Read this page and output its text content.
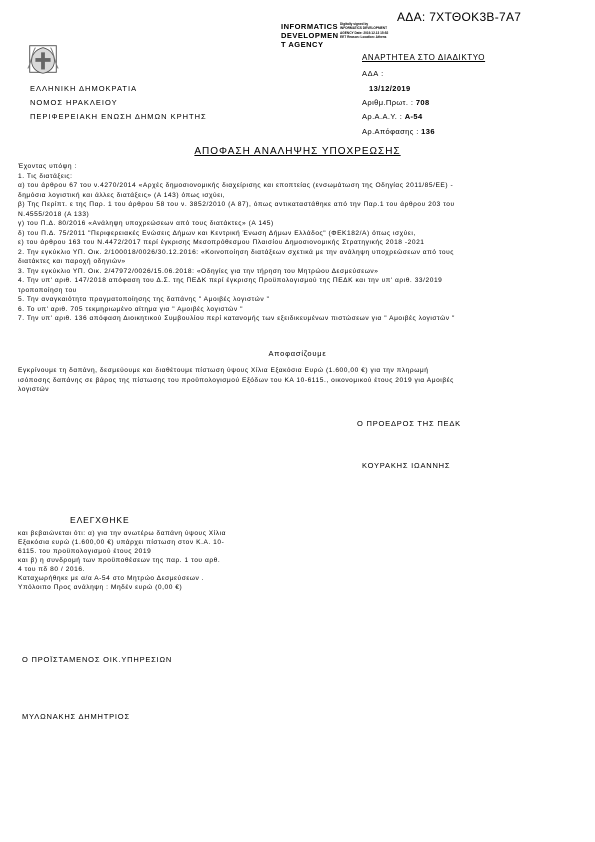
ΑΔΑ: 7ΧΤΘΟΚ3Β-7Α7
INFORMATICS
DEVELOPMEN
T AGENCY
Digitally signed by INFORMATICS DEVELOPMENT AGENCY Date: 2019.12.13 15:52 EET Reason: Location: Athens
ΑΝΑΡΤΗΤΕΑ ΣΤΟ ΔΙΑΔΙΚΤΥΟ
ΑΔΑ :
ΕΛΛΗΝΙΚΗ ΔΗΜΟΚΡΑΤΙΑ
ΝΟΜΟΣ ΗΡΑΚΛΕΙΟΥ
ΠΕΡΙΦΕΡΕΙΑΚΗ ΕΝΩΣΗ ΔΗΜΩΝ ΚΡΗΤΗΣ
13/12/2019
Αριθμ.Πρωτ. : 708
Αρ.Α.Α.Υ. : Α-54
Αρ.Απόφασης : 136
ΑΠΟΦΑΣΗ ΑΝΑΛΗΨΗΣ ΥΠΟΧΡΕΩΣΗΣ
Έχοντας υπόψη :
1. Τις διατάξεις:
α) του άρθρου 67 του ν.4270/2014 «Αρχές δημοσιονομικής διαχείρισης και εποπτείας (ενσωμάτωση της Οδηγίας 2011/85/ΕΕ) -
δημόσια λογιστική και άλλες διατάξεις» (Α 143) όπως ισχύει,
β) Της Περίπτ. ε της Παρ. 1 του άρθρου 58 του ν. 3852/2010 (Α 87), όπως αντικαταστάθηκε από την Παρ.1 του άρθρου 203 του
Ν.4555/2018 (Α 133)
γ) του Π.Δ. 80/2016 «Ανάληψη υποχρεώσεων από τους διατάκτες» (Α 145)
δ) του Π.Δ. 75/2011 "Περιφερειακές Ενώσεις Δήμων και Κεντρική Ένωση Δήμων Ελλάδος" (ΦΕΚ182/Α) όπως ισχύει,
ε) του άρθρου 163 του Ν.4472/2017 περί έγκρισης Μεσοπρόθεσμου Πλαισίου Δημοσιονομικής Στρατηγικής 2018 -2021
2. Την εγκύκλιο ΥΠ. Οικ. 2/100018/0026/30.12.2016: «Κοινοποίηση διατάξεων σχετικά με την ανάληψη υποχρεώσεων από τους
διατάκτες και παροχή οδηγιών»
3. Την εγκύκλιο ΥΠ. Οικ. 2/47972/0026/15.06.2018: «Οδηγίες για την τήρηση του Μητρώου Δεσμεύσεων»
4. Την υπ' αριθ. 147/2018 απόφαση του Δ.Σ. της ΠΕΔΚ περί έγκρισης Προϋπολογισμού της ΠΕΔΚ και την υπ' αριθ. 33/2019
τροποποίηση του
5. Την αναγκαιότητα πραγματοποίησης της δαπάνης " Αμοιβές λογιστών "
6. Το υπ' αριθ. 705 τεκμηριωμένο αίτημα για " Αμοιβές λογιστών "
7. Την υπ' αριθ. 136 απόφαση Διοικητικού Συμβουλίου περί κατανομής των εξειδικευμένων πιστώσεων για " Αμοιβές λογιστών "
Αποφασίζουμε
Εγκρίνουμε τη δαπάνη, δεσμεύουμε και διαθέτουμε πίστωση ύψους Χίλια Εξακόσια Ευρώ (1.600,00 €) για την πληρωμή
ισόποσης δαπάνης σε βάρος της πίστωσης του προϋπολογισμού Εξόδων του ΚΑ 10-6115., οικονομικού έτους 2019 για Αμοιβές
λογιστών
Ο ΠΡΟΕΔΡΟΣ ΤΗΣ ΠΕΔΚ
ΚΟΥΡΑΚΗΣ ΙΩΑΝΝΗΣ
ΕΛΕΓΧΘΗΚΕ
και βεβαιώνεται ότι: α) για την ανωτέρω δαπάνη ύψους Χίλια
Εξακόσια ευρώ (1.600,00 €) υπάρχει πίστωση στον Κ.Α. 10-
6115. του προϋπολογισμού έτους 2019
και β) η συνδρομή των προϋποθέσεων της παρ. 1 του αρθ.
4 του πδ 80 / 2016.
Καταχωρήθηκε με α/α Α-54 στο Μητρώο Δεσμεύσεων .
Υπόλοιπο Προς ανάληψη : Μηδέν ευρώ (0,00 €)
Ο ΠΡΟΪΣΤΑΜΕΝΟΣ ΟΙΚ.ΥΠΗΡΕΣΙΩΝ
ΜΥΛΩΝΑΚΗΣ ΔΗΜΗΤΡΙΟΣ
